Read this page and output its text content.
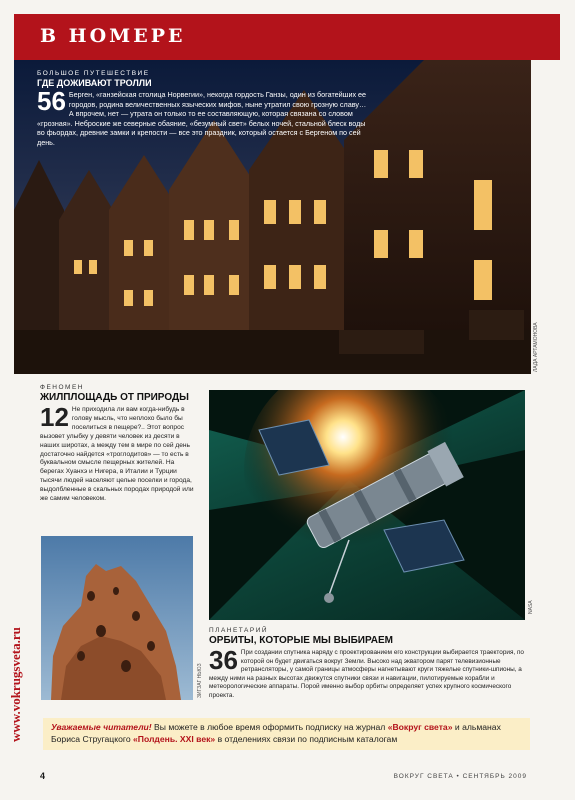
В НОМЕРЕ
ЛАДА АРТАМОНОВА
БОЛЬШОЕ ПУТЕШЕСТВИЕ
ГДЕ ДОЖИВАЮТ ТРОЛЛИ
56 Берген, «ганзейская столица Норвегии», некогда гордость Ганзы, один из богатейших ее городов, родина величественных языческих мифов, ныне утратил свою грозную славу… А впрочем, нет — утрата он только то ее составляющую, которая связана со словом «грозная». Неброские же северные обаяние, «безумный свет» белых ночей, стальной блеск воды во фьордах, древние замки и крепости — все это праздник, который остается с Бергеном по сей день.
ФЕНОМЕН
ЖИЛПЛОЩАДЬ ОТ ПРИРОДЫ
12 Не приходила ли вам когда-нибудь в голову мысль, что неплохо было бы поселиться в пещере?.. Этот вопрос вызовет улыбку у девяти человек из десяти в наших широтах, а между тем в мире по сей день достаточно найдется «троглодитов» — то есть в буквальном смысле пещерных жителей. На берегах Хуанхэ и Нигера, в Италии и Турции тысячи людей населяют целые поселки и города, выдолбленные в скальных породах природой или же самим человеком.
ЗИГЗАГ НЬЮЗ
NASA
ПЛАНЕТАРИЙ
ОРБИТЫ, КОТОРЫЕ МЫ ВЫБИРАЕМ
36 При создании спутника наряду с проектированием его конструкции выбирается траектория, по которой он будет двигаться вокруг Земли. Высоко над экватором парят телевизионные ретрансляторы, у самой границы атмосферы нагнетывают круги тяжелые спутники-шпионы, а между ними на разных высотах движутся спутники связи и навигации, пилотируемые корабли и метеорологические аппараты. Порой именно выбор орбиты определяет успех крупного космического проекта.
www.vokrugsveta.ru	Уважаемые читатели! Вы можете в любое время оформить подписку на журнал «Вокруг света» и альманах Бориса Стругацкого «Полдень. XXI век» в отделениях связи по подписным каталогам
4	ВОКРУГ СВЕТА • СЕНТЯБРЬ 2009
